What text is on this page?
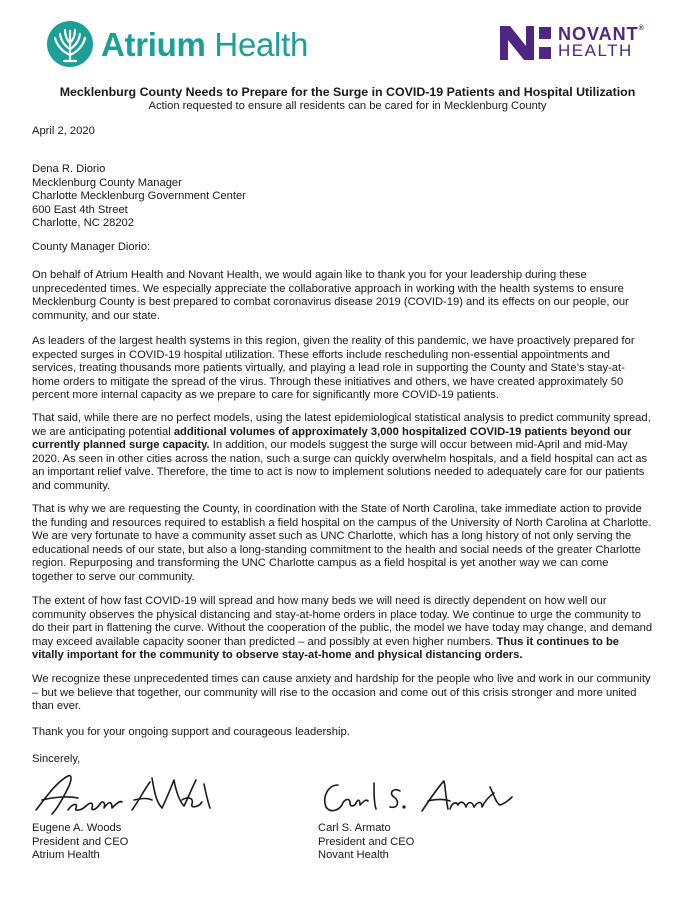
Atrium Health	NOVANT®
HEALTH
Mecklenburg County Needs to Prepare for the Surge in COVID-19 Patients and Hospital Utilization
Action requested to ensure all residents can be cared for in Mecklenburg County
April 2, 2020
Dena R. Diorio
Mecklenburg County Manager
Charlotte Mecklenburg Government Center
600 East 4th Street
Charlotte, NC 28202
County Manager Diorio:
On behalf of Atrium Health and Novant Health, we would again like to thank you for your leadership during these
unprecedented times. We especially appreciate the collaborative approach in working with the health systems to ensure
Mecklenburg County is best prepared to combat coronavirus disease 2019 (COVID-19) and its effects on our people, our
community, and our state.
As leaders of the largest health systems in this region, given the reality of this pandemic, we have proactively prepared for
expected surges in COVID-19 hospital utilization. These efforts include rescheduling non-essential appointments and
services, treating thousands more patients virtually, and playing a lead role in supporting the County and State’s stay-at-
home orders to mitigate the spread of the virus. Through these initiatives and others, we have created approximately 50
percent more internal capacity as we prepare to care for significantly more COVID-19 patients.
That said, while there are no perfect models, using the latest epidemiological statistical analysis to predict community spread,
we are anticipating potential additional volumes of approximately 3,000 hospitalized COVID-19 patients beyond our
currently planned surge capacity. In addition, our models suggest the surge will occur between mid-April and mid-May
2020. As seen in other cities across the nation, such a surge can quickly overwhelm hospitals, and a field hospital can act as
an important relief valve. Therefore, the time to act is now to implement solutions needed to adequately care for our patients
and community.
That is why we are requesting the County, in coordination with the State of North Carolina, take immediate action to provide
the funding and resources required to establish a field hospital on the campus of the University of North Carolina at Charlotte.
We are very fortunate to have a community asset such as UNC Charlotte, which has a long history of not only serving the
educational needs of our state, but also a long-standing commitment to the health and social needs of the greater Charlotte
region. Repurposing and transforming the UNC Charlotte campus as a field hospital is yet another way we can come
together to serve our community.
The extent of how fast COVID-19 will spread and how many beds we will need is directly dependent on how well our
community observes the physical distancing and stay-at-home orders in place today. We continue to urge the community to
do their part in flattening the curve. Without the cooperation of the public, the model we have today may change, and demand
may exceed available capacity sooner than predicted – and possibly at even higher numbers. Thus it continues to be
vitally important for the community to observe stay-at-home and physical distancing orders.
We recognize these unprecedented times can cause anxiety and hardship for the people who live and work in our community
– but we believe that together, our community will rise to the occasion and come out of this crisis stronger and more united
than ever.
Thank you for your ongoing support and courageous leadership.
Sincerely,
Eugene A. Woods
President and CEO
Atrium Health
Carl S. Armato
President and CEO
Novant Health
